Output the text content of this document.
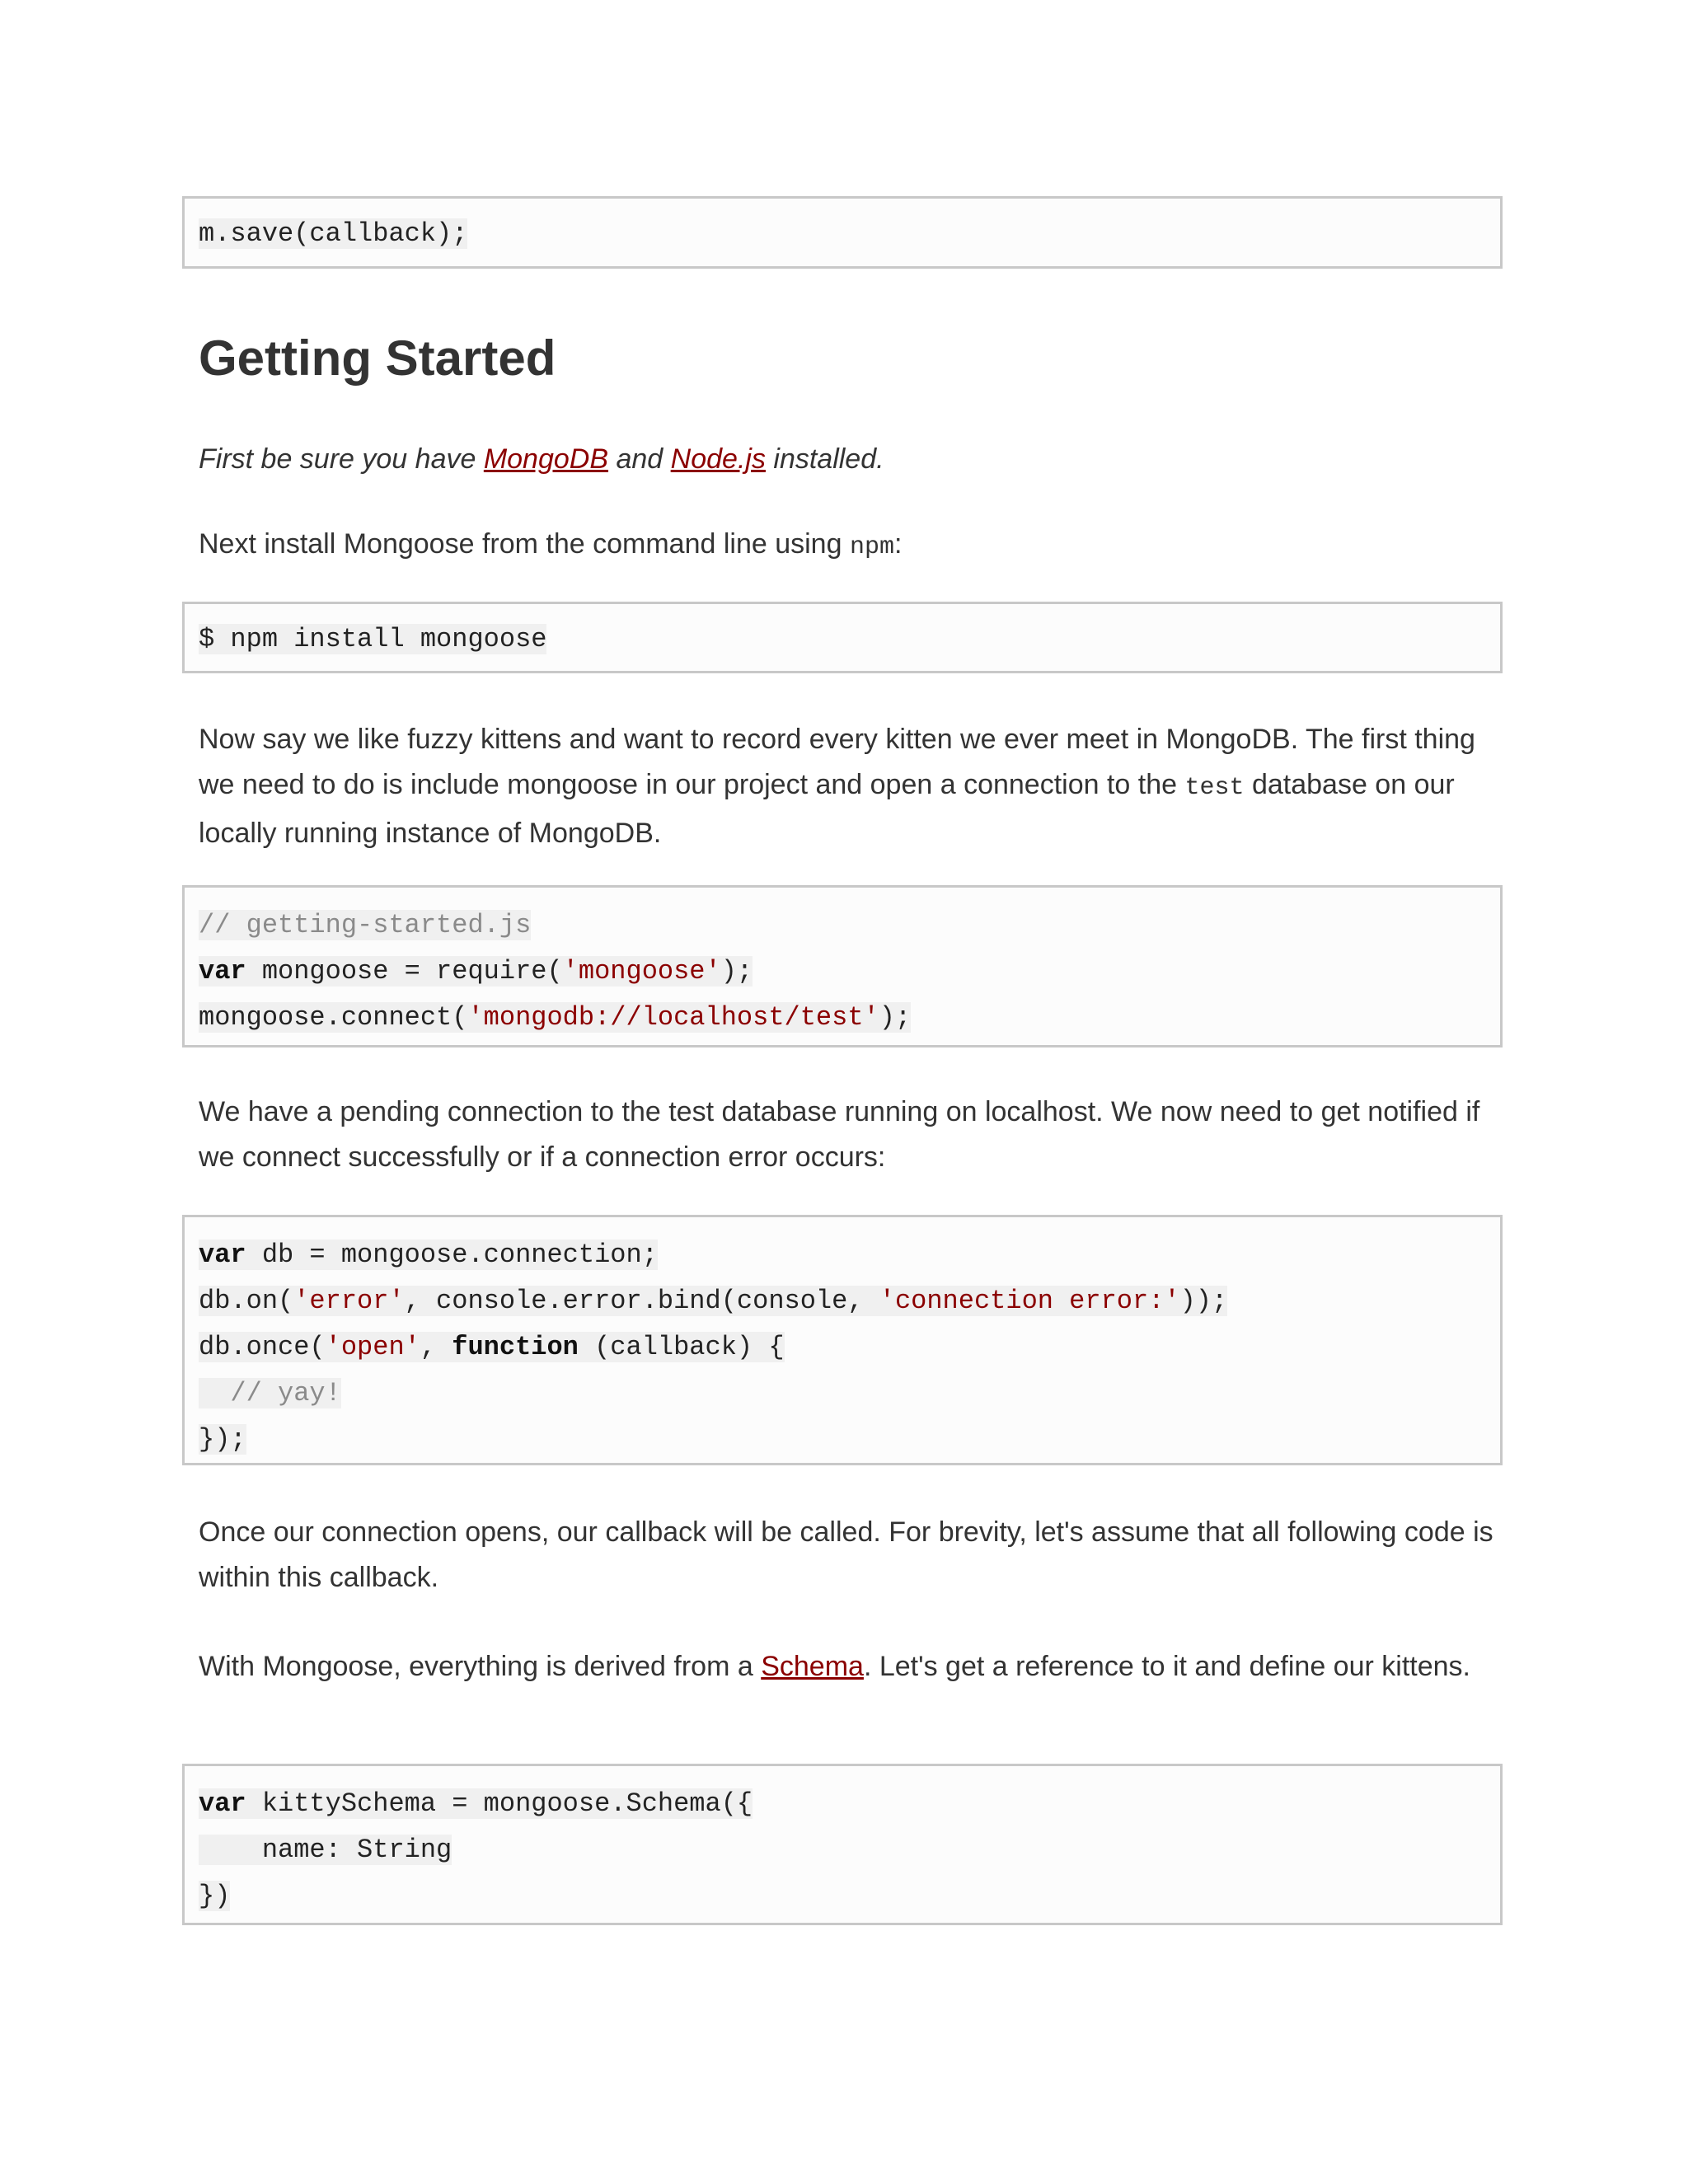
m.save(callback);
Getting Started

First be sure you have MongoDB and Node.js installed.

Next install Mongoose from the command line using npm:

$ npm install mongoose

Now say we like fuzzy kittens and want to record every kitten we ever meet in MongoDB. The first thing we need to do is include mongoose in our project and open a connection to the test database on our locally running instance of MongoDB.

// getting-started.js
var mongoose = require('mongoose');
mongoose.connect('mongodb://localhost/test');

We have a pending connection to the test database running on localhost. We now need to get notified if we connect successfully or if a connection error occurs:

var db = mongoose.connection;
db.on('error', console.error.bind(console, 'connection error:'));
db.once('open', function (callback) {
// yay!
});

Once our connection opens, our callback will be called. For brevity, let's assume that all following code is within this callback.

With Mongoose, everything is derived from a Schema. Let's get a reference to it and define our kittens.

var kittySchema = mongoose.Schema({
name: String
})
